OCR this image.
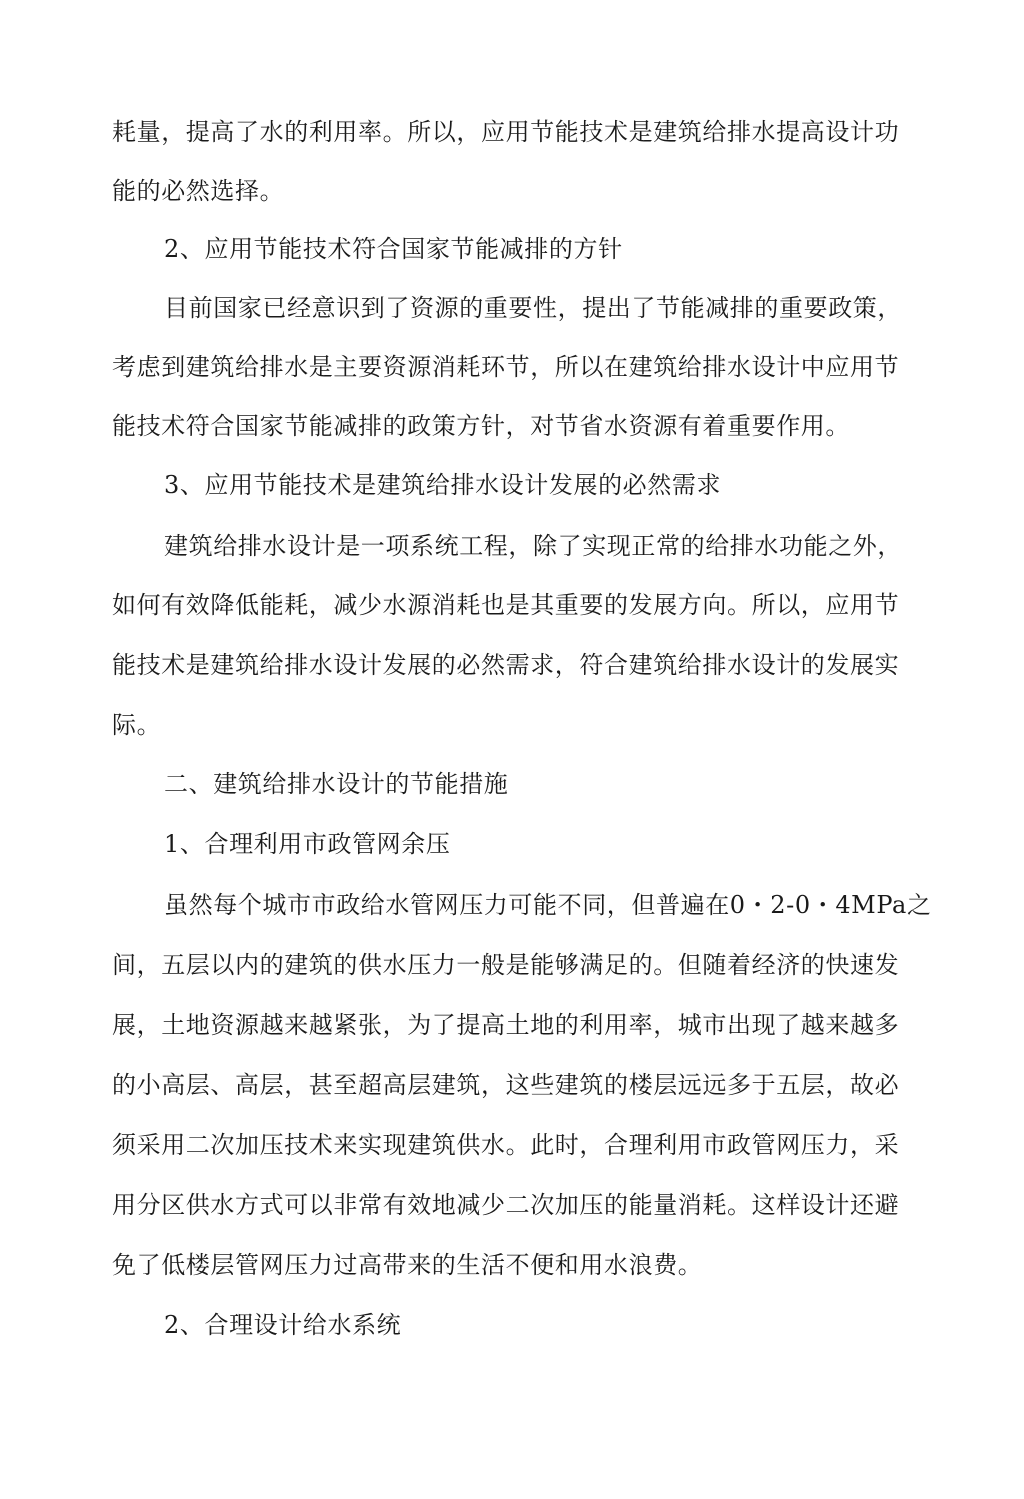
耗量，提高了水的利用率。所以，应用节能技术是建筑给排水提高设计功
能的必然选择。
2、应用节能技术符合国家节能减排的方针
目前国家已经意识到了资源的重要性，提出了节能减排的重要政策，
考虑到建筑给排水是主要资源消耗环节，所以在建筑给排水设计中应用节
能技术符合国家节能减排的政策方针，对节省水资源有着重要作用。
3、应用节能技术是建筑给排水设计发展的必然需求
建筑给排水设计是一项系统工程，除了实现正常的给排水功能之外，
如何有效降低能耗，减少水源消耗也是其重要的发展方向。所以，应用节
能技术是建筑给排水设计发展的必然需求，符合建筑给排水设计的发展实
际。
二、建筑给排水设计的节能措施
1、合理利用市政管网余压
虽然每个城市市政给水管网压力可能不同，但普遍在0・2-0・4MPa之
间，五层以内的建筑的供水压力一般是能够满足的。但随着经济的快速发
展，土地资源越来越紧张，为了提高土地的利用率，城市出现了越来越多
的小高层、高层，甚至超高层建筑，这些建筑的楼层远远多于五层，故必
须采用二次加压技术来实现建筑供水。此时，合理利用市政管网压力，采
用分区供水方式可以非常有效地减少二次加压的能量消耗。这样设计还避
免了低楼层管网压力过高带来的生活不便和用水浪费。
2、合理设计给水系统
